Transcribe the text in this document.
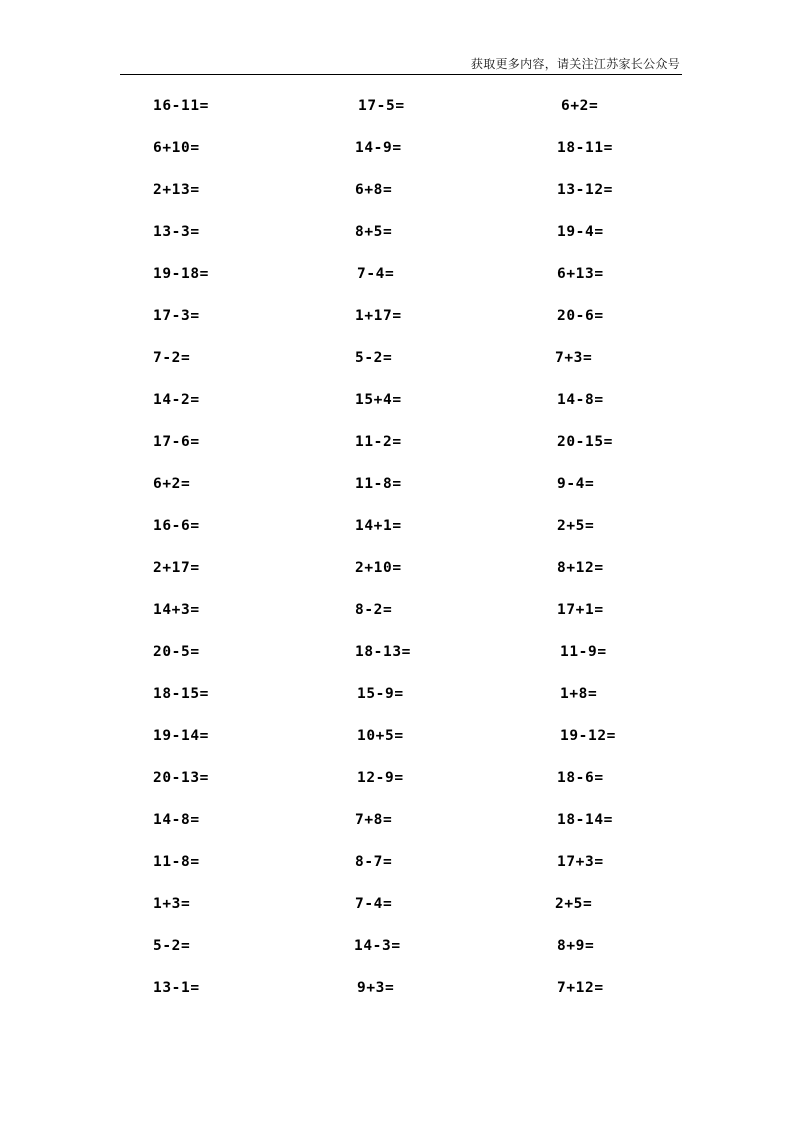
获取更多内容，请关注江苏家长公众号
16-11=	17-5=	6+2=
6+10=	14-9=	18-11=
2+13=	6+8=	13-12=
13-3=	8+5=	19-4=
19-18=	7-4=	6+13=
17-3=	1+17=	20-6=
7-2=	5-2=	7+3=
14-2=	15+4=	14-8=
17-6=	11-2=	20-15=
6+2=	11-8=	9-4=
16-6=	14+1=	2+5=
2+17=	2+10=	8+12=
14+3=	8-2=	17+1=
20-5=	18-13=	11-9=
18-15=	15-9=	1+8=
19-14=	10+5=	19-12=
20-13=	12-9=	18-6=
14-8=	7+8=	18-14=
11-8=	8-7=	17+3=
1+3=	7-4=	2+5=
5-2=	14-3=	8+9=
13-1=	9+3=	7+12=
